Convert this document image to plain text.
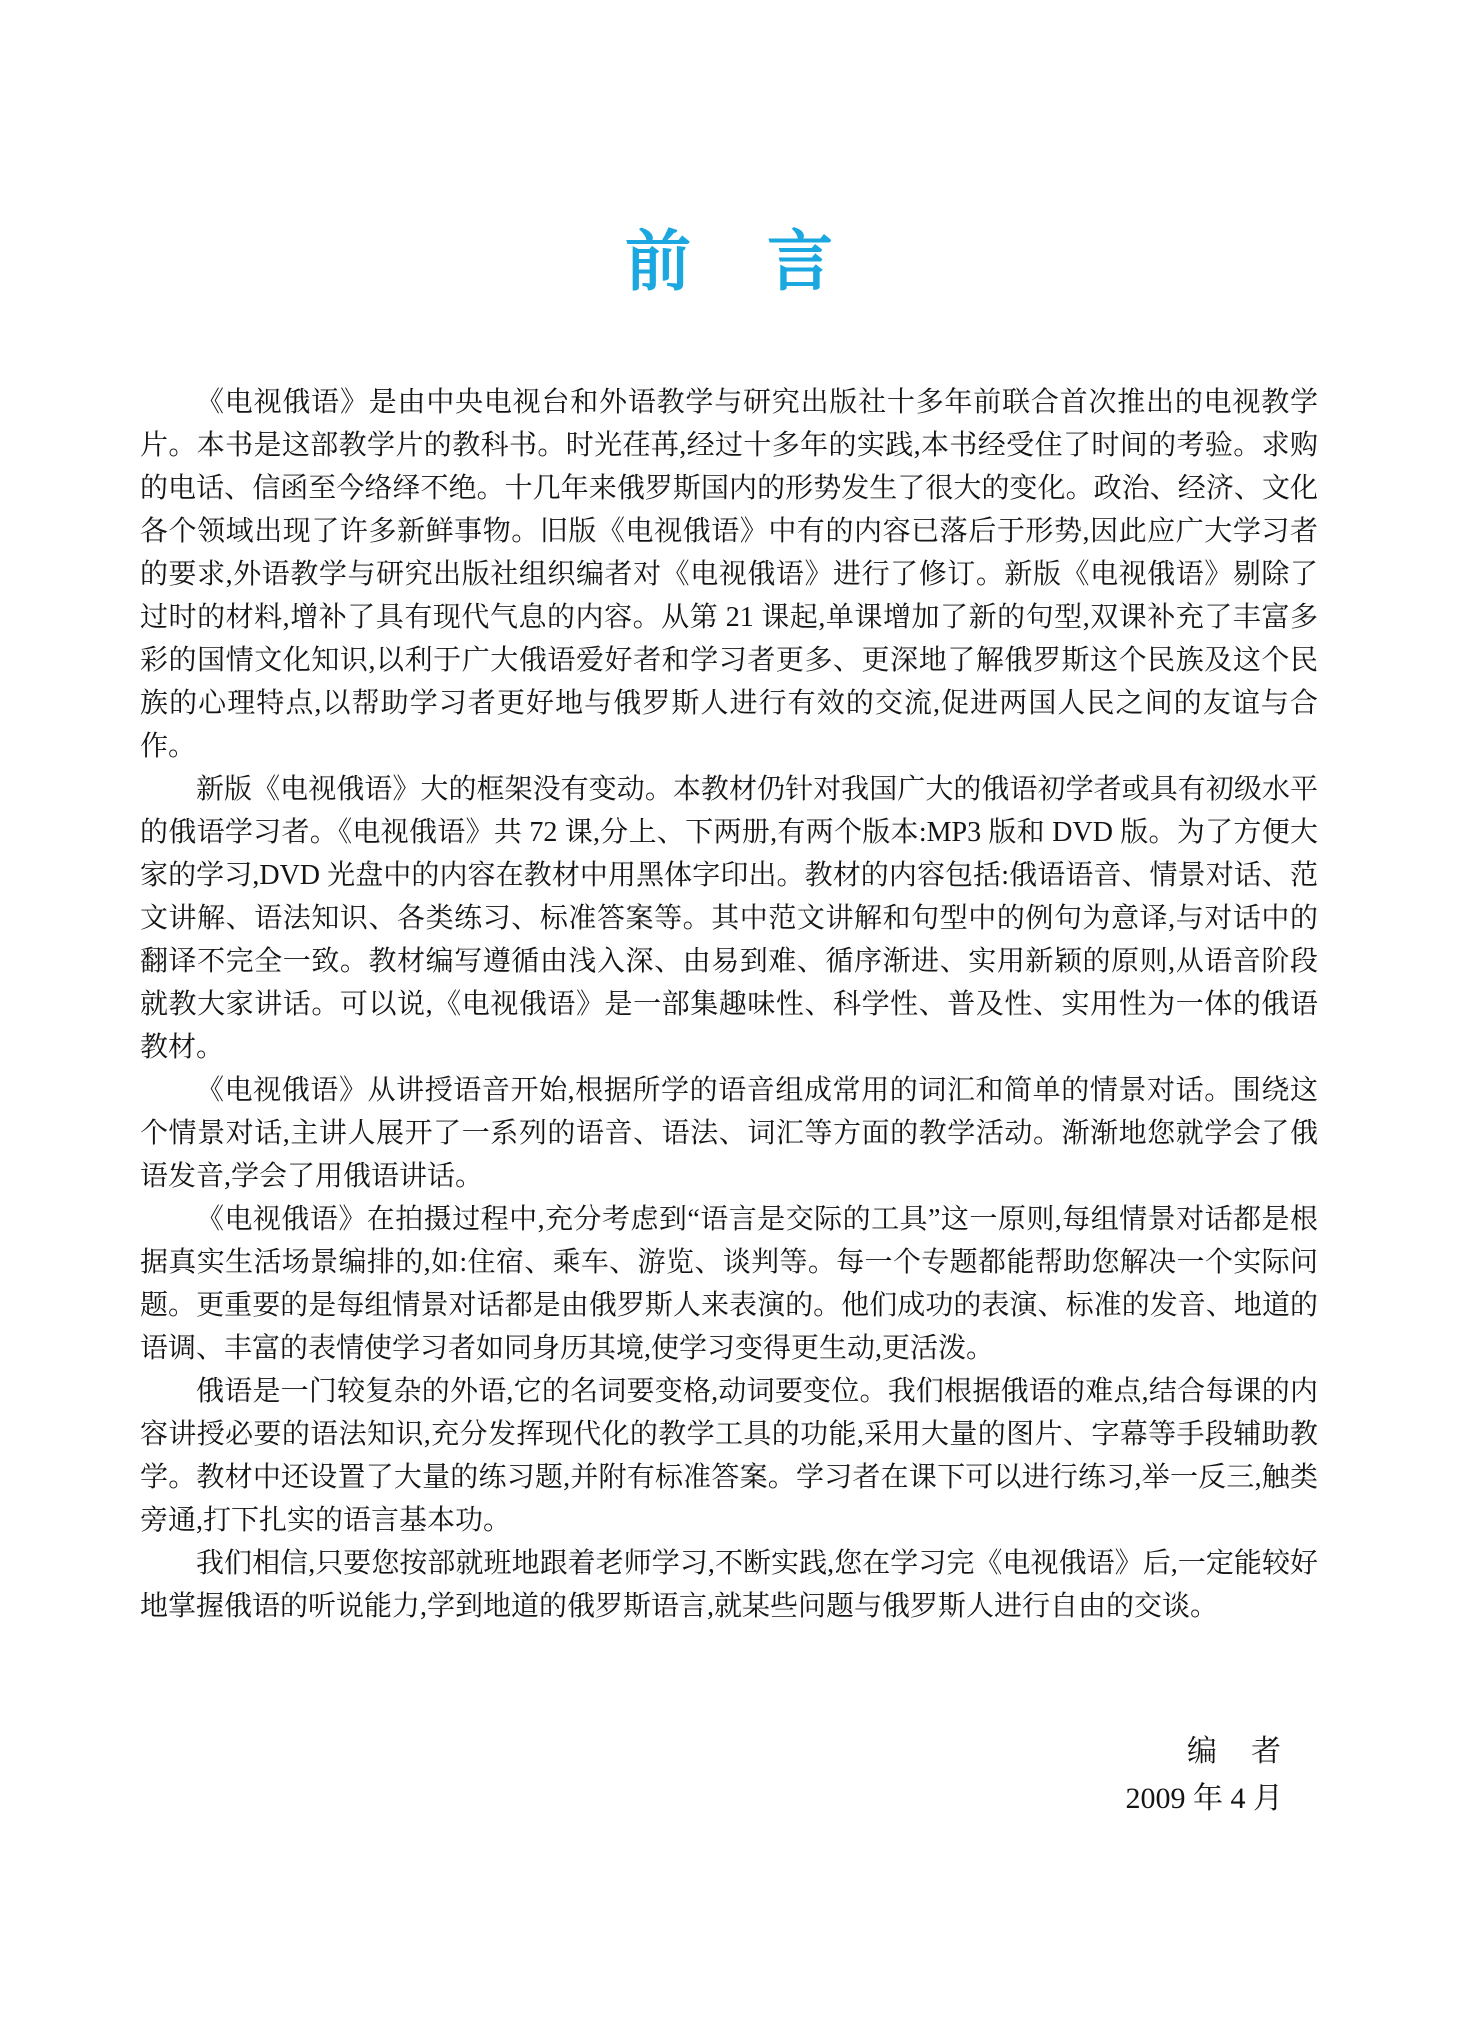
前 言

《电视俄语》是由中央电视台和外语教学与研究出版社十多年前联合首次推出的电视教学片。本书是这部教学片的教科书。时光荏苒,经过十多年的实践,本书经受住了时间的考验。求购的电话、信函至今络绎不绝。十几年来俄罗斯国内的形势发生了很大的变化。政治、经济、文化各个领域出现了许多新鲜事物。旧版《电视俄语》中有的内容已落后于形势,因此应广大学习者的要求,外语教学与研究出版社组织编者对《电视俄语》进行了修订。新版《电视俄语》剔除了过时的材料,增补了具有现代气息的内容。从第 21 课起,单课增加了新的句型,双课补充了丰富多彩的国情文化知识,以利于广大俄语爱好者和学习者更多、更深地了解俄罗斯这个民族及这个民族的心理特点,以帮助学习者更好地与俄罗斯人进行有效的交流,促进两国人民之间的友谊与合作。

新版《电视俄语》大的框架没有变动。本教材仍针对我国广大的俄语初学者或具有初级水平的俄语学习者。《电视俄语》共 72 课,分上、下两册,有两个版本:MP3 版和 DVD 版。为了方便大家的学习,DVD 光盘中的内容在教材中用黑体字印出。教材的内容包括:俄语语音、情景对话、范文讲解、语法知识、各类练习、标准答案等。其中范文讲解和句型中的例句为意译,与对话中的翻译不完全一致。教材编写遵循由浅入深、由易到难、循序渐进、实用新颖的原则,从语音阶段就教大家讲话。可以说,《电视俄语》是一部集趣味性、科学性、普及性、实用性为一体的俄语教材。

《电视俄语》从讲授语音开始,根据所学的语音组成常用的词汇和简单的情景对话。围绕这个情景对话,主讲人展开了一系列的语音、语法、词汇等方面的教学活动。渐渐地您就学会了俄语发音,学会了用俄语讲话。

《电视俄语》在拍摄过程中,充分考虑到“语言是交际的工具”这一原则,每组情景对话都是根据真实生活场景编排的,如:住宿、乘车、游览、谈判等。每一个专题都能帮助您解决一个实际问题。更重要的是每组情景对话都是由俄罗斯人来表演的。他们成功的表演、标准的发音、地道的语调、丰富的表情使学习者如同身历其境,使学习变得更生动,更活泼。

俄语是一门较复杂的外语,它的名词要变格,动词要变位。我们根据俄语的难点,结合每课的内容讲授必要的语法知识,充分发挥现代化的教学工具的功能,采用大量的图片、字幕等手段辅助教学。教材中还设置了大量的练习题,并附有标准答案。学习者在课下可以进行练习,举一反三,触类旁通,打下扎实的语言基本功。

我们相信,只要您按部就班地跟着老师学习,不断实践,您在学习完《电视俄语》后,一定能较好地掌握俄语的听说能力,学到地道的俄罗斯语言,就某些问题与俄罗斯人进行自由的交谈。

编　者
2009 年 4 月
